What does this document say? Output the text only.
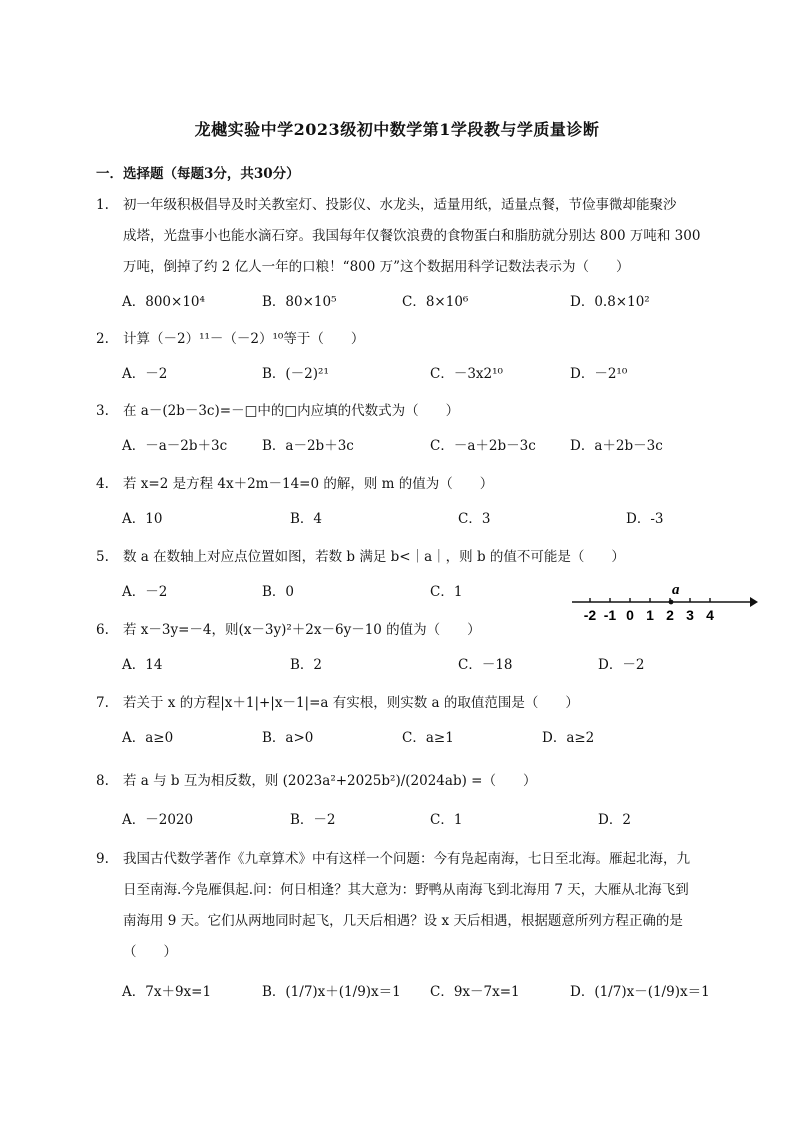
龙樾实验中学2023级初中数学第1学段教与学质量诊断
一．选择题（每题3分，共30分）
1. 初一年级积极倡导及时关教室灯、投影仪、水龙头，适量用纸，适量点餐，节俭事微却能聚沙
成塔，光盘事小也能水滴石穿。我国每年仅餐饮浪费的食物蛋白和脂肪就分别达 800 万吨和 300
万吨，倒掉了约 2 亿人一年的口粮！“800 万”这个数据用科学记数法表示为（　　）
A．800×10⁴	B．80×10⁵	C．8×10⁶	D．0.8×10²
2. 计算（－2）¹¹－（－2）¹⁰等于（　　）
A．－2	B．(－2)²¹	C．－3x2¹⁰	D．－2¹⁰
3. 在 a－(2b－3c)=－□中的□内应填的代数式为（　　）
A．－a－2b＋3c	B．a－2b＋3c	C．－a＋2b－3c	D．a＋2b－3c
4. 若 x=2 是方程 4x＋2m－14=0 的解，则 m 的值为（　　）
A．10	B．4	C．3	D．-3
5. 数 a 在数轴上对应点位置如图，若数 b 满足 b<｜a｜，则 b 的值不可能是（　　）
A．－2	B．0	C．1
-2 -1 0 1 2 3 4
a
6. 若 x－3y=－4，则(x－3y)²＋2x－6y－10 的值为（　　）
A．14	B．2	C．－18	D．－2
7. 若关于 x 的方程|x＋1|+|x－1|=a 有实根，则实数 a 的取值范围是（　　）
A．a≥0	B．a>0	C．a≥1	D．a≥2
8. 若 a 与 b 互为相反数，则 (2023a²+2025b²)/(2024ab) =（　　）
A．－2020	B．－2	C．1	D．2
9. 我国古代数学著作《九章算术》中有这样一个问题：今有凫起南海，七日至北海。雁起北海，九
日至南海.今凫雁俱起.问：何日相逢？其大意为：野鸭从南海飞到北海用 7 天，大雁从北海飞到
南海用 9 天。它们从两地同时起飞，几天后相遇？设 x 天后相遇，根据题意所列方程正确的是
（　　）
A．7x＋9x=1	B．(1/7)x＋(1/9)x＝1 C．9x－7x=1	D．(1/7)x－(1/9)x＝1
